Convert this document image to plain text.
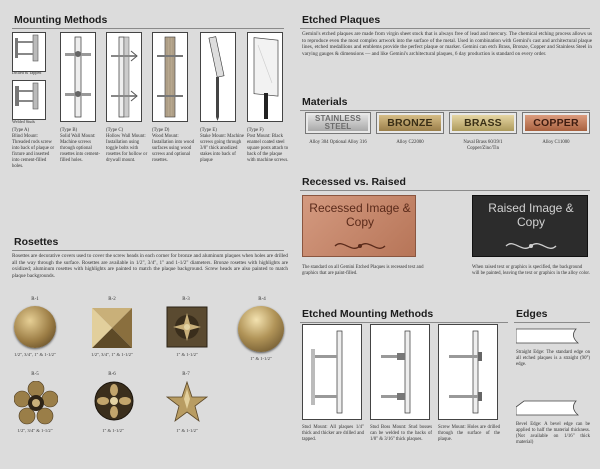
Mounting Methods
Drilled & Tapped
Welded Studs
(Type A)
Blind Mount: Threaded rods screw into back of plaque or fixture and inserted into cement-filled holes.
(Type B)
Solid Wall Mount: Machine screws through optional rosettes into cement-filled holes.
(Type C)
Hollow Wall Mount: Installation using toggle bolts with rosettes for hollow or drywall mount.
(Type D)
Wood Mount: Installation into wood surfaces using wood screws and optional rosettes.
(Type E)
Stake Mount: Machine screws going through 3/8" thick anodized stakes into back of plaque
(Type F)
Post Mount: Black enamel coated steel square posts attach to back of the plaque with machine screws.
Rosettes
Rosettes are decorative covers used to cover the screw heads in each corner for bronze and aluminum plaques when holes are drilled all the way through the surface. Rosettes are available in 1/2", 3/4", 1" and 1-1/2" diameters. Bronze rosettes with highlights are oxidized; aluminum rosettes with highlights are painted to match the plaque background. Screw heads are also painted to match plaque backgrounds.
R-1
1/2", 3/4", 1" & 1-1/2"
R-2
1/2", 3/4", 1" & 1-1/2"
R-3
1" & 1-1/2"
R-4
1" & 1-1/2"
R-5
1/2", 3/4" & 1-1/2"
R-6
1" & 1-1/2"
R-7
1" & 1-1/2"
Etched Plaques
Gemini's etched plaques are made from virgin sheet stock that is always free of lead and mercury. The chemical etching process allows us to reproduce even the most complex artwork into the surface of the metal. Used in combination with Gemini's cast and architectural plaque lines, etched medallions and emblems provide the perfect plaque or marker. Gemini can etch Brass, Bronze, Copper and Stainless Steel in varying gauges & dimensions — and like Gemini's architectural plaques, 6 day production is standard on every order.
Materials
STAINLESS STEEL
Alloy 304 Optional Alloy 316
BRONZE
Alloy C22000
BRASS
Naval Brass 60/39/1 Copper/Zinc/Tin
COPPER
Alloy C11000
Recessed vs. Raised
Recessed Image & Copy
The standard on all Gemini Etched Plaques is recessed text and graphics that are paint-filled.
Raised Image & Copy
When raised text or graphics is specified, the background will be painted, leaving the text or graphics in the alloy color.
Etched Mounting Methods
Stud Mount: All plaques 1/4" thick and thicker are drilled and tapped.
Stud Boss Mount: Stud bosses can be welded to the backs of 1/8" & 3/16" thick plaques.
Screw Mount: Holes are drilled through the surface of the plaque.
Edges
Straight Edge: The standard edge on all etched plaques is a straight (90°) edge.
Bevel Edge: A bevel edge can be applied to half the material thickness. (Not available on 1/16" thick material)
